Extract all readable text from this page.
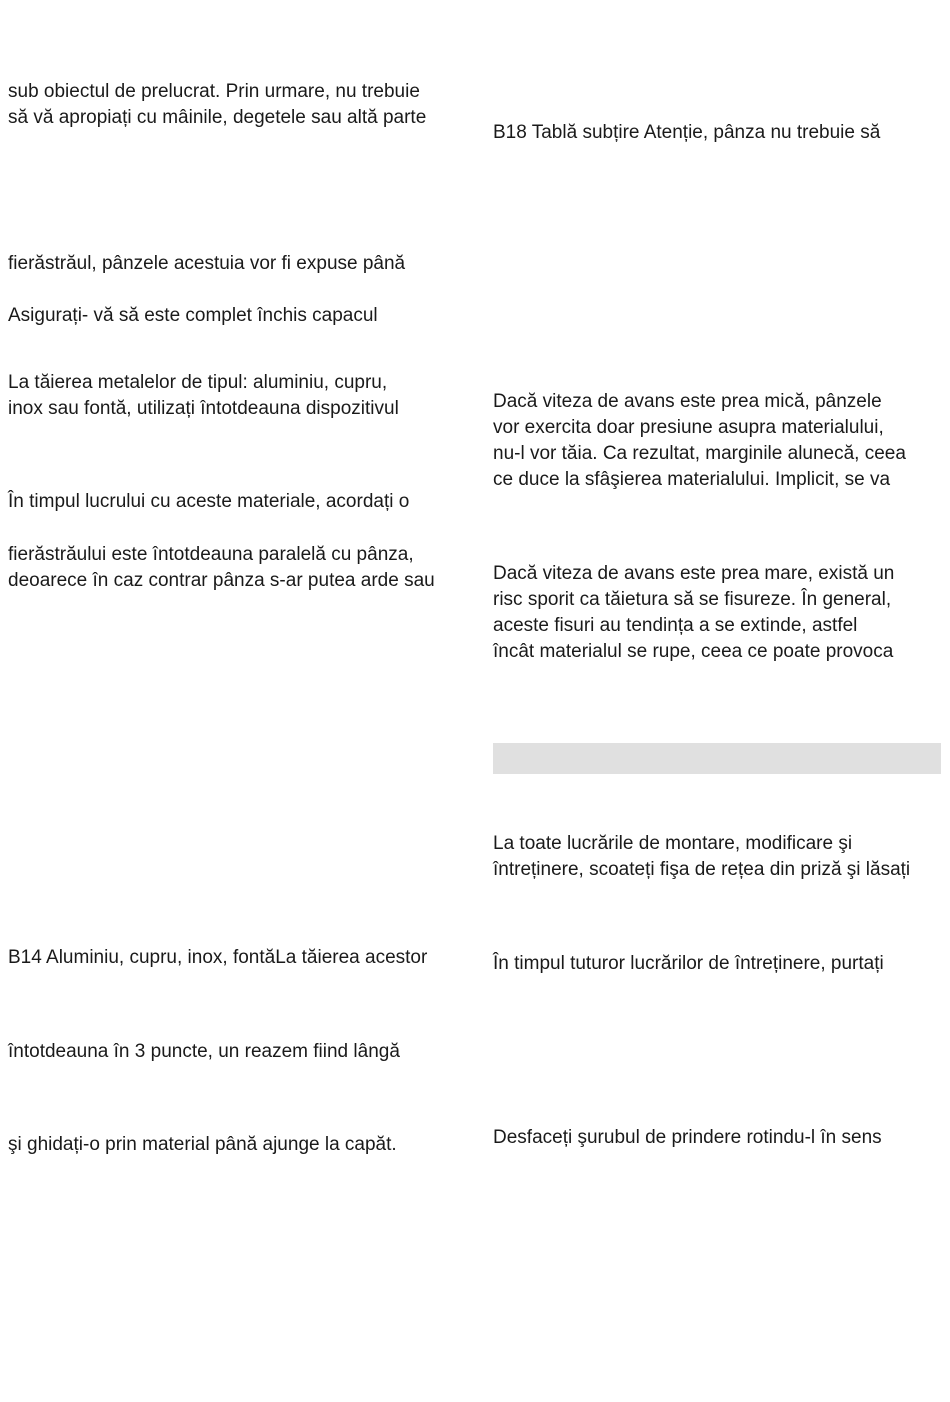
sub obiectul de prelucrat. Prin urmare, nu trebuie
să vă apropiați cu mâinile, degetele sau altă parte
fierăstrăul, pânzele acestuia vor fi expuse până
Asigurați- vă să este complet închis capacul
La tăierea metalelor de tipul: aluminiu, cupru,
inox sau fontă, utilizați întotdeauna dispozitivul
În timpul lucrului cu aceste materiale, acordați o
fierăstrăului este întotdeauna paralelă cu pânza,
deoarece în caz contrar pânza s-ar putea arde sau
B14 Aluminiu, cupru, inox, fontăLa tăierea acestor
întotdeauna în 3 puncte, un reazem fiind lângă
şi ghidați-o prin material până ajunge la capăt.
B18 Tablă subțire Atenție, pânza nu trebuie să
Dacă viteza de avans este prea mică, pânzele
vor exercita doar presiune asupra materialului,
nu-l vor tăia. Ca rezultat, marginile alunecă, ceea
ce duce la sfâşierea materialului. Implicit, se va
Dacă viteza de avans este prea mare, există un
risc sporit ca tăietura să se fisureze. În general,
aceste fisuri au tendința a se extinde, astfel
încât materialul se rupe, ceea ce poate provoca
La toate lucrările de montare, modificare şi
întreținere, scoateți fişa de rețea din priză şi lăsați
În timpul tuturor lucrărilor de întreținere, purtați
Desfaceți şurubul de prindere rotindu-l în sens
